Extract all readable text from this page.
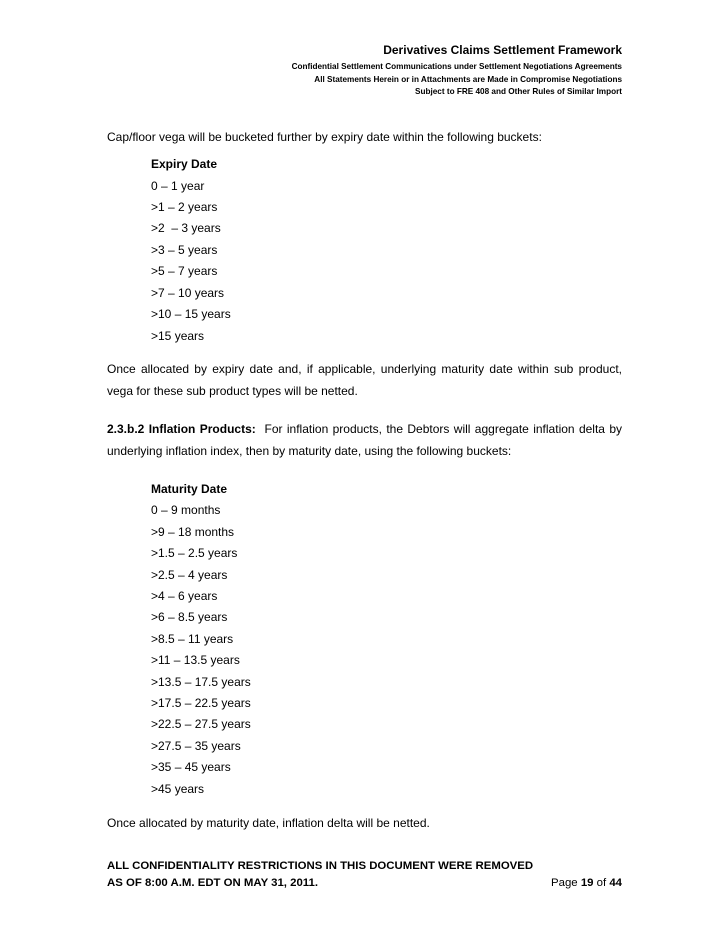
Derivatives Claims Settlement Framework
Confidential Settlement Communications under Settlement Negotiations Agreements
All Statements Herein or in Attachments are Made in Compromise Negotiations
Subject to FRE 408 and Other Rules of Similar Import
Cap/floor vega will be bucketed further by expiry date within the following buckets:
Expiry Date
0 – 1 year
>1 – 2 years
>2  – 3 years
>3 – 5 years
>5 – 7 years
>7 – 10 years
>10 – 15 years
>15 years
Once allocated by expiry date and, if applicable, underlying maturity date within sub product,
vega for these sub product types will be netted.
2.3.b.2 Inflation Products: For inflation products, the Debtors will aggregate inflation delta by
underlying inflation index, then by maturity date, using the following buckets:
Maturity Date
0 – 9 months
>9 – 18 months
>1.5 – 2.5 years
>2.5 – 4 years
>4 – 6 years
>6 – 8.5 years
>8.5 – 11 years
>11 – 13.5 years
>13.5 – 17.5 years
>17.5 – 22.5 years
>22.5 – 27.5 years
>27.5 – 35 years
>35 – 45 years
>45 years
Once allocated by maturity date, inflation delta will be netted.
ALL CONFIDENTIALITY RESTRICTIONS IN THIS DOCUMENT WERE REMOVED
AS OF 8:00 A.M. EDT ON MAY 31, 2011.	Page 19 of 44
